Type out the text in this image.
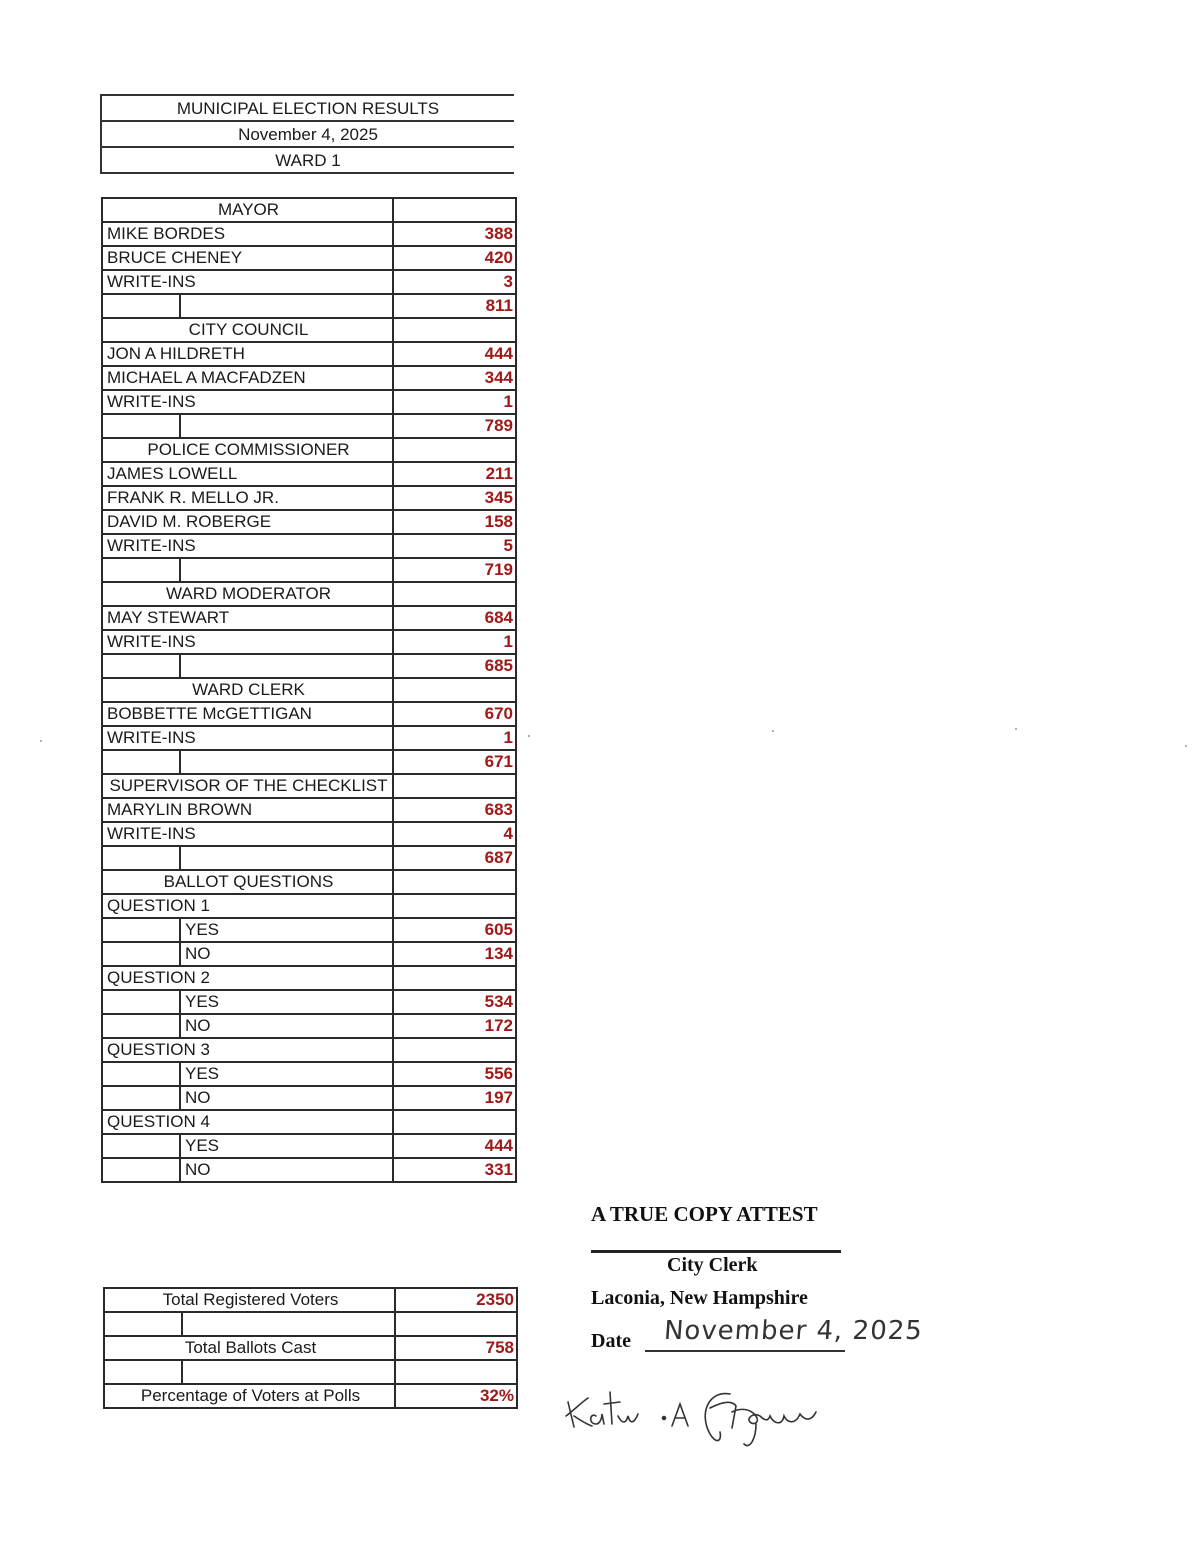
MUNICIPAL ELECTION RESULTS
November 4, 2025
WARD 1
MAYOR		
MIKE BORDES		388
BRUCE CHENEY		420
WRITE-INS		3
		811
CITY COUNCIL		
JON A HILDRETH		444
MICHAEL A MACFADZEN		344
WRITE-INS		1
		789
POLICE COMMISSIONER		
JAMES LOWELL		211
FRANK R. MELLO JR.		345
DAVID M. ROBERGE		158
WRITE-INS		5
		719
WARD MODERATOR		
MAY STEWART		684
WRITE-INS		1
		685
WARD CLERK		
BOBBETTE McGETTIGAN		670
WRITE-INS		1
		671
SUPERVISOR OF THE CHECKLIST		
MARYLIN BROWN		683
WRITE-INS		4
		687
BALLOT QUESTIONS		
QUESTION 1		
	YES	605
	NO	134
QUESTION 2		
	YES	534
	NO	172
QUESTION 3		
	YES	556
	NO	197
QUESTION 4		
	YES	444
	NO	331
Total Registered Voters		2350

Total Ballots Cast		758

Percentage of Voters at Polls		32%
A TRUE COPY ATTEST
City Clerk
Laconia, New Hampshire
Date November 4, 2025
